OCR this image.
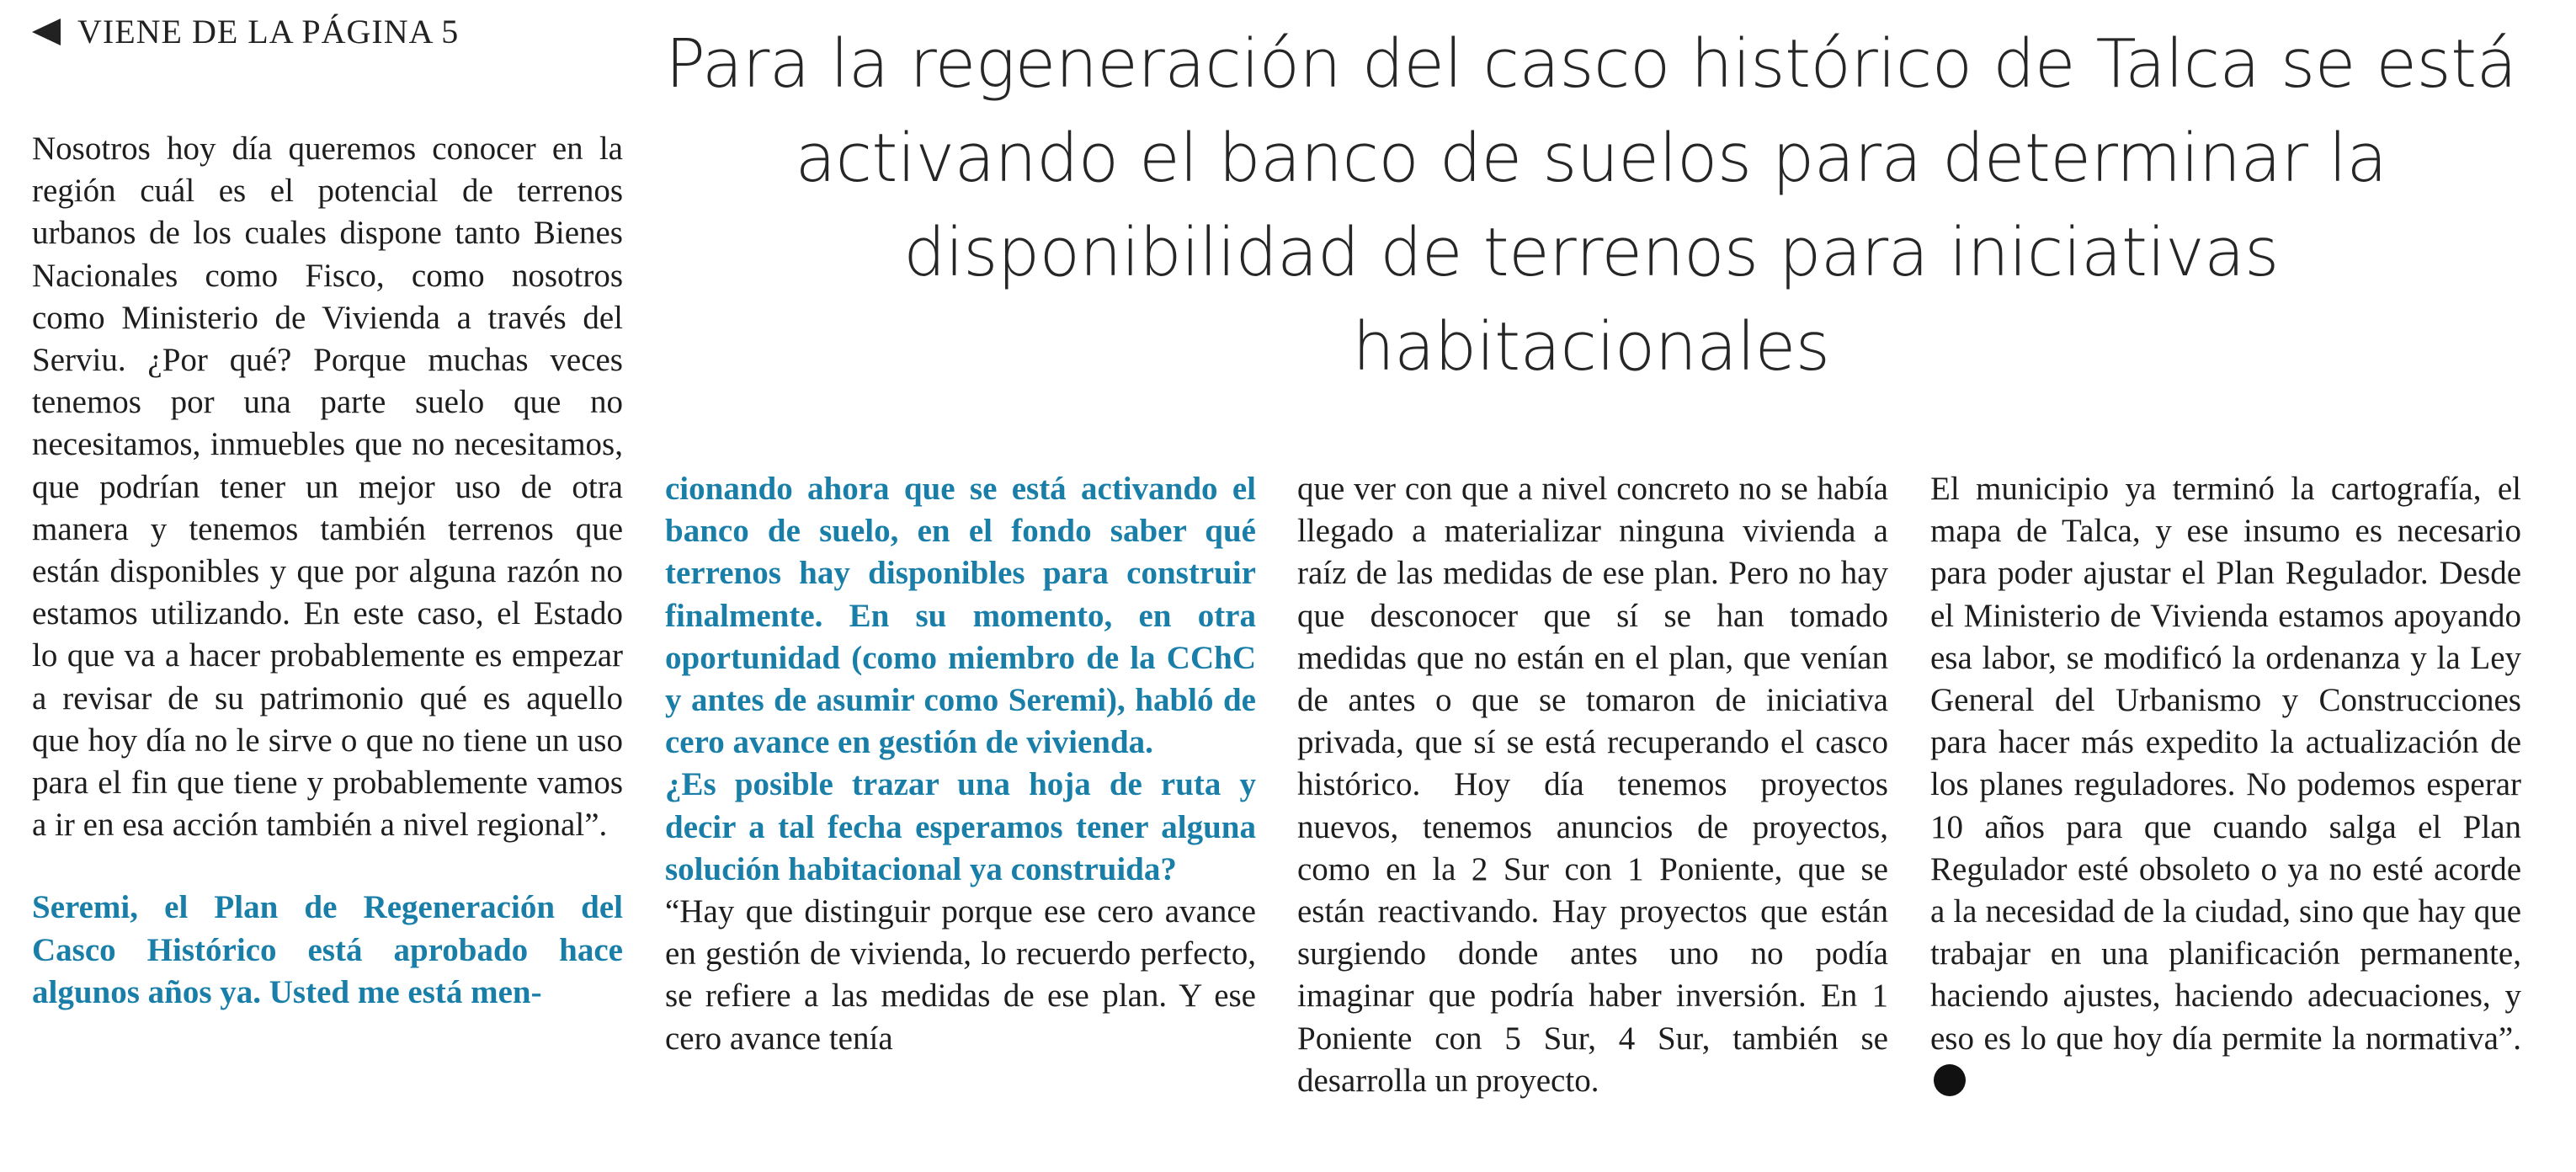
VIENE DE LA PÁGINA 5	Para la regeneración del casco histórico de Talca se está activando el banco de suelos para determinar la disponibilidad de terrenos para iniciativas habitacionales

Nosotros hoy día queremos conocer en la región cuál es el potencial de terrenos urbanos de los cuales dispone tanto Bienes Nacionales como Fisco, como nosotros como Ministerio de Vivienda a través del Serviu. ¿Por qué? Porque muchas veces tenemos por una parte suelo que no necesitamos, inmuebles que no necesitamos, que podrían tener un mejor uso de otra manera y tenemos también terrenos que están disponibles y que por alguna razón no estamos utilizando. En este caso, el Estado lo que va a hacer probablemente es empezar a revisar de su patrimonio qué es aquello que hoy día no le sirve o que no tiene un uso para el fin que tiene y probablemente vamos a ir en esa acción también a nivel regional”.

Seremi, el Plan de Regeneración del Casco Histórico está aprobado hace algunos años ya. Usted me está men-

cionando ahora que se está activando el banco de suelo, en el fondo saber qué terrenos hay disponibles para construir finalmente. En su momento, en otra oportunidad (como miembro de la CChC y antes de asumir como Seremi), habló de cero avance en gestión de vivienda.

¿Es posible trazar una hoja de ruta y decir a tal fecha esperamos tener alguna solución habitacional ya construida?

“Hay que distinguir porque ese cero avance en gestión de vivienda, lo recuerdo perfecto, se refiere a las medidas de ese plan. Y ese cero avance tenía

que ver con que a nivel concreto no se había llegado a materializar ninguna vivienda a raíz de las medidas de ese plan. Pero no hay que desconocer que sí se han tomado medidas que no están en el plan, que venían de antes o que se tomaron de iniciativa privada, que sí se está recuperando el casco histórico. Hoy día tenemos proyectos nuevos, tenemos anuncios de proyectos, como en la 2 Sur con 1 Poniente, que se están reactivando. Hay proyectos que están surgiendo donde antes uno no podía imaginar que podría haber inversión. En 1 Poniente con 5 Sur, 4 Sur, también se desarrolla un proyecto.

El municipio ya terminó la cartografía, el mapa de Talca, y ese insumo es necesario para poder ajustar el Plan Regulador. Desde el Ministerio de Vivienda estamos apoyando esa labor, se modificó la ordenanza y la Ley General del Urbanismo y Construcciones para hacer más expedito la actualización de los planes reguladores. No podemos esperar 10 años para que cuando salga el Plan Regulador esté obsoleto o ya no esté acorde a la necesidad de la ciudad, sino que hay que trabajar en una planificación permanente, haciendo ajustes, haciendo adecuaciones, y eso es lo que hoy día permite la normativa”.
